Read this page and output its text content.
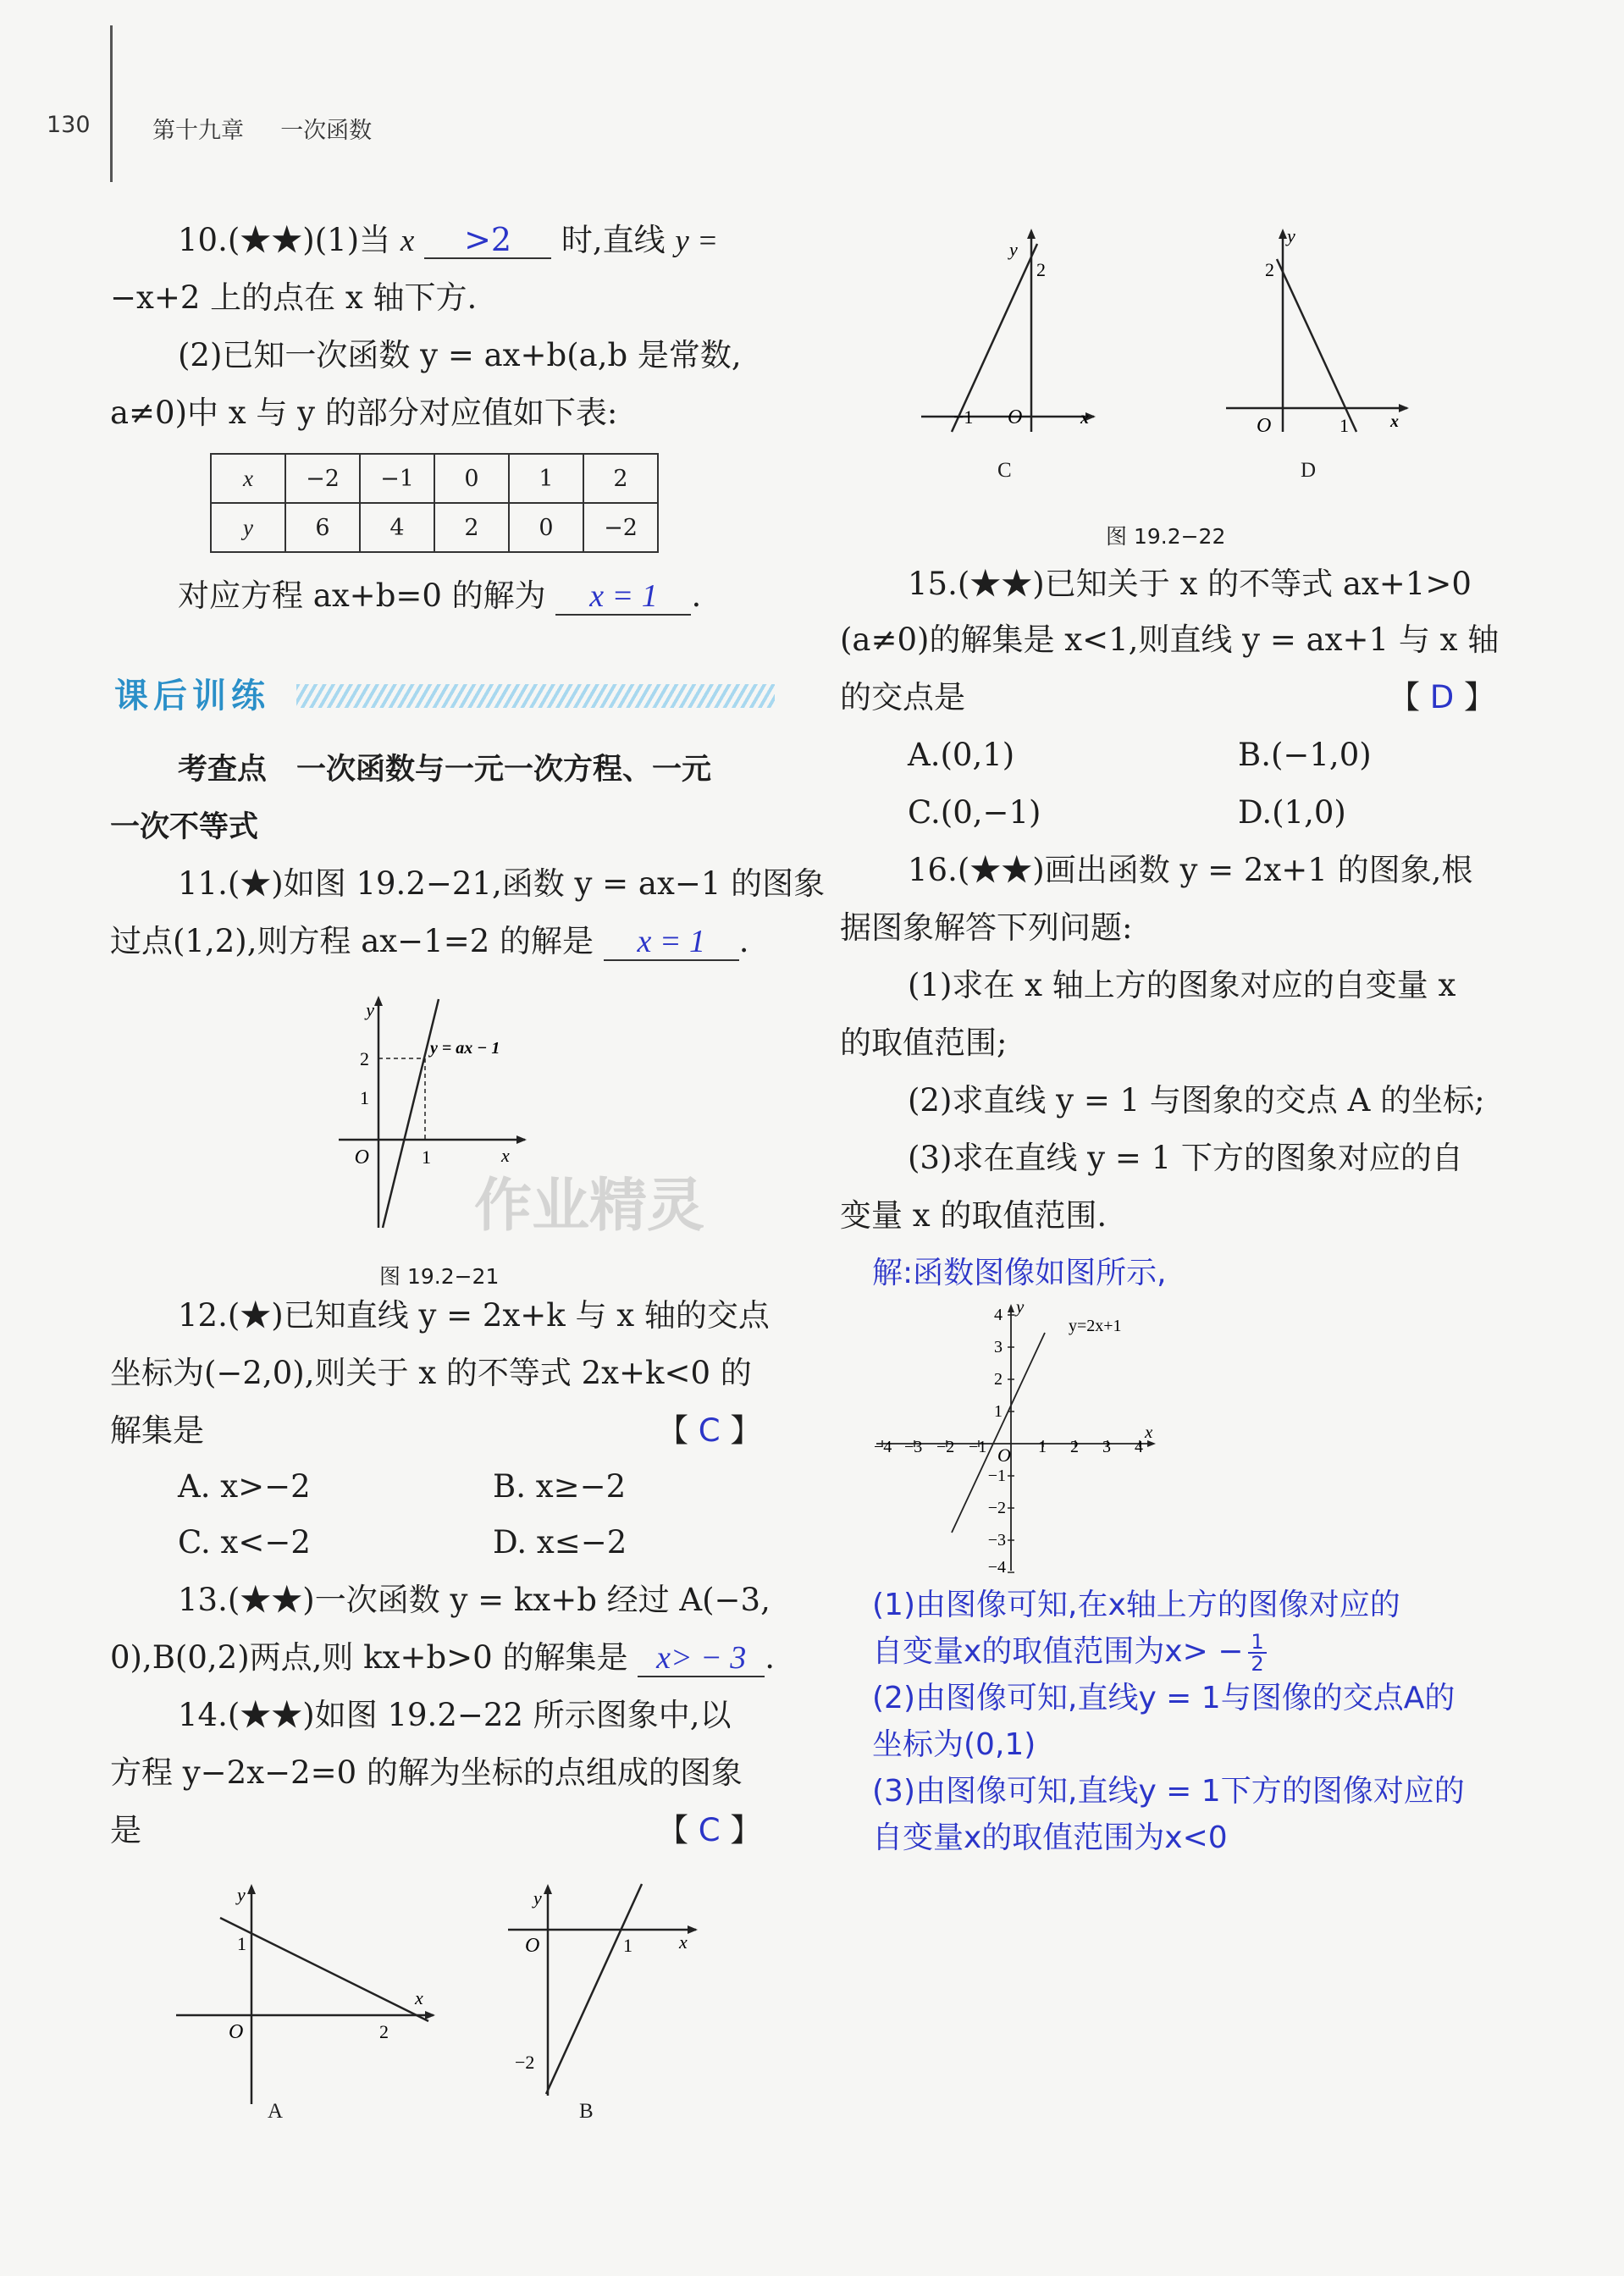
130	第十九章 一次函数
10.(★★)(1)当 x >2 时,直线 y =
−x+2 上的点在 x 轴下方.
(2)已知一次函数 y = ax+b(a,b 是常数,
a≠0)中 x 与 y 的部分对应值如下表:
x	−2	−1	0	1	2
y	6	4	2	0	−2
对应方程 ax+b=0 的解为 x = 1 .
课后训练
考查点　一次函数与一元一次方程、一元
一次不等式
11.(★)如图 19.2−21,函数 y = ax−1 的图象
过点(1,2),则方程 ax−1=2 的解是 x = 1 .
y
x
O
y = ax − 1
2
1
1
作业精灵
图 19.2−21
12.(★)已知直线 y = 2x+k 与 x 轴的交点
坐标为(−2,0),则关于 x 的不等式 2x+k<0 的
解集是	【 C 】
A. x>−2	B. x≥−2
C. x<−2	D. x≤−2
13.(★★)一次函数 y = kx+b 经过 A(−3,
0),B(0,2)两点,则 kx+b>0 的解集是 x> − 3 .
14.(★★)如图 19.2−22 所示图象中,以
方程 y−2x−2=0 的解为坐标的点组成的图象
是	【 C 】
y
x
O
1
2
A
y
x
O	1
−2
B
y
x
O
2
−1
C
y
x
O
2
1
D
图 19.2−22
15.(★★)已知关于 x 的不等式 ax+1>0
(a≠0)的解集是 x<1,则直线 y = ax+1 与 x 轴
的交点是	【 D 】
A.(0,1)	B.(−1,0)
C.(0,−1)	D.(1,0)
16.(★★)画出函数 y = 2x+1 的图象,根
据图象解答下列问题:
(1)求在 x 轴上方的图象对应的自变量 x
的取值范围;
(2)求直线 y = 1 与图象的交点 A 的坐标;
(3)求在直线 y = 1 下方的图象对应的自
变量 x 的取值范围.
解:函数图像如图所示,
−4 −3 −2 −1	1 2 3 4
4
3
2
1
−1
−2
−3
−4
y
x
O
y=2x+1
(1)由图像可知,在x轴上方的图像对应的
自变量x的取值范围为$x> - \frac{1}{2}$
(2)由图像可知,直线y = 1与图像的交点A的
坐标为(0,1)
(3)由图像可知,直线y = 1下方的图像对应的
自变量x的取值范围为x<0
